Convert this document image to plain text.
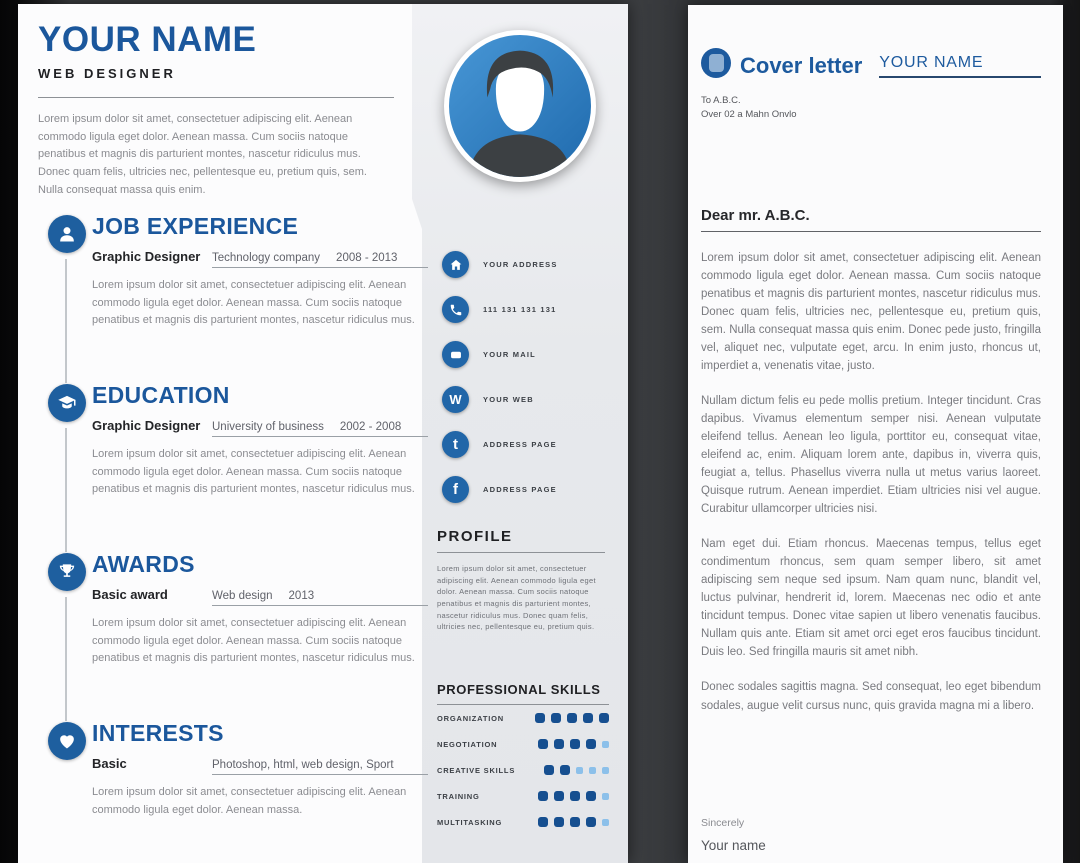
YOUR NAME
WEB DESIGNER
Lorem ipsum dolor sit amet, consectetuer adipiscing elit. Aenean commodo ligula eget dolor. Aenean massa. Cum sociis natoque penatibus et magnis dis parturient montes, nascetur ridiculus mus. Donec quam felis, ultricies nec, pellentesque eu, pretium quis, sem. Nulla consequat massa quis enim.
JOB EXPERIENCE
Graphic Designer	Technology company 2008 - 2013
Lorem ipsum dolor sit amet, consectetuer adipiscing elit. Aenean commodo ligula eget dolor. Aenean massa. Cum sociis natoque penatibus et magnis dis parturient montes, nascetur ridiculus mus.
EDUCATION
Graphic Designer	University of business 2002 - 2008
Lorem ipsum dolor sit amet, consectetuer adipiscing elit. Aenean commodo ligula eget dolor. Aenean massa. Cum sociis natoque penatibus et magnis dis parturient montes, nascetur ridiculus mus.
AWARDS
Basic award	Web design 2013
Lorem ipsum dolor sit amet, consectetuer adipiscing elit. Aenean commodo ligula eget dolor. Aenean massa. Cum sociis natoque penatibus et magnis dis parturient montes, nascetur ridiculus mus.
INTERESTS
Basic	Photoshop, html, web design, Sport
Lorem ipsum dolor sit amet, consectetuer adipiscing elit. Aenean commodo ligula eget dolor. Aenean massa.
YOUR ADDRESS
111 131 131 131
YOUR MAIL
W	YOUR WEB
t	ADDRESS PAGE
f	ADDRESS PAGE
PROFILE
Lorem ipsum dolor sit amet, consectetuer adipiscing elit. Aenean commodo ligula eget dolor. Aenean massa. Cum sociis natoque penatibus et magnis dis parturient montes, nascetur ridiculus mus. Donec quam felis, ultricies nec, pellentesque eu, pretium quis.
PROFESSIONAL SKILLS
ORGANIZATION
NEGOTIATION
CREATIVE SKILLS
TRAINING
MULTITASKING
Cover letter YOUR NAME
To A.B.C.
Over 02 a Mahn Onvlo
Dear mr. A.B.C.
Lorem ipsum dolor sit amet, consectetuer adipiscing elit. Aenean commodo ligula eget dolor. Aenean massa. Cum sociis natoque penatibus et magnis dis parturient montes, nascetur ridiculus mus. Donec quam felis, ultricies nec, pellentesque eu, pretium quis, sem. Nulla consequat massa quis enim. Donec pede justo, fringilla vel, aliquet nec, vulputate eget, arcu. In enim justo, rhoncus ut, imperdiet a, venenatis vitae, justo.
Nullam dictum felis eu pede mollis pretium. Integer tincidunt. Cras dapibus. Vivamus elementum semper nisi. Aenean vulputate eleifend tellus. Aenean leo ligula, porttitor eu, consequat vitae, eleifend ac, enim. Aliquam lorem ante, dapibus in, viverra quis, feugiat a, tellus. Phasellus viverra nulla ut metus varius laoreet. Quisque rutrum. Aenean imperdiet. Etiam ultricies nisi vel augue. Curabitur ullamcorper ultricies nisi.
Nam eget dui. Etiam rhoncus. Maecenas tempus, tellus eget condimentum rhoncus, sem quam semper libero, sit amet adipiscing sem neque sed ipsum. Nam quam nunc, blandit vel, luctus pulvinar, hendrerit id, lorem. Maecenas nec odio et ante tincidunt tempus. Donec vitae sapien ut libero venenatis faucibus. Nullam quis ante. Etiam sit amet orci eget eros faucibus tincidunt. Duis leo. Sed fringilla mauris sit amet nibh.
Donec sodales sagittis magna. Sed consequat, leo eget bibendum sodales, augue velit cursus nunc, quis gravida magna mi a libero.
Sincerely
Your name
